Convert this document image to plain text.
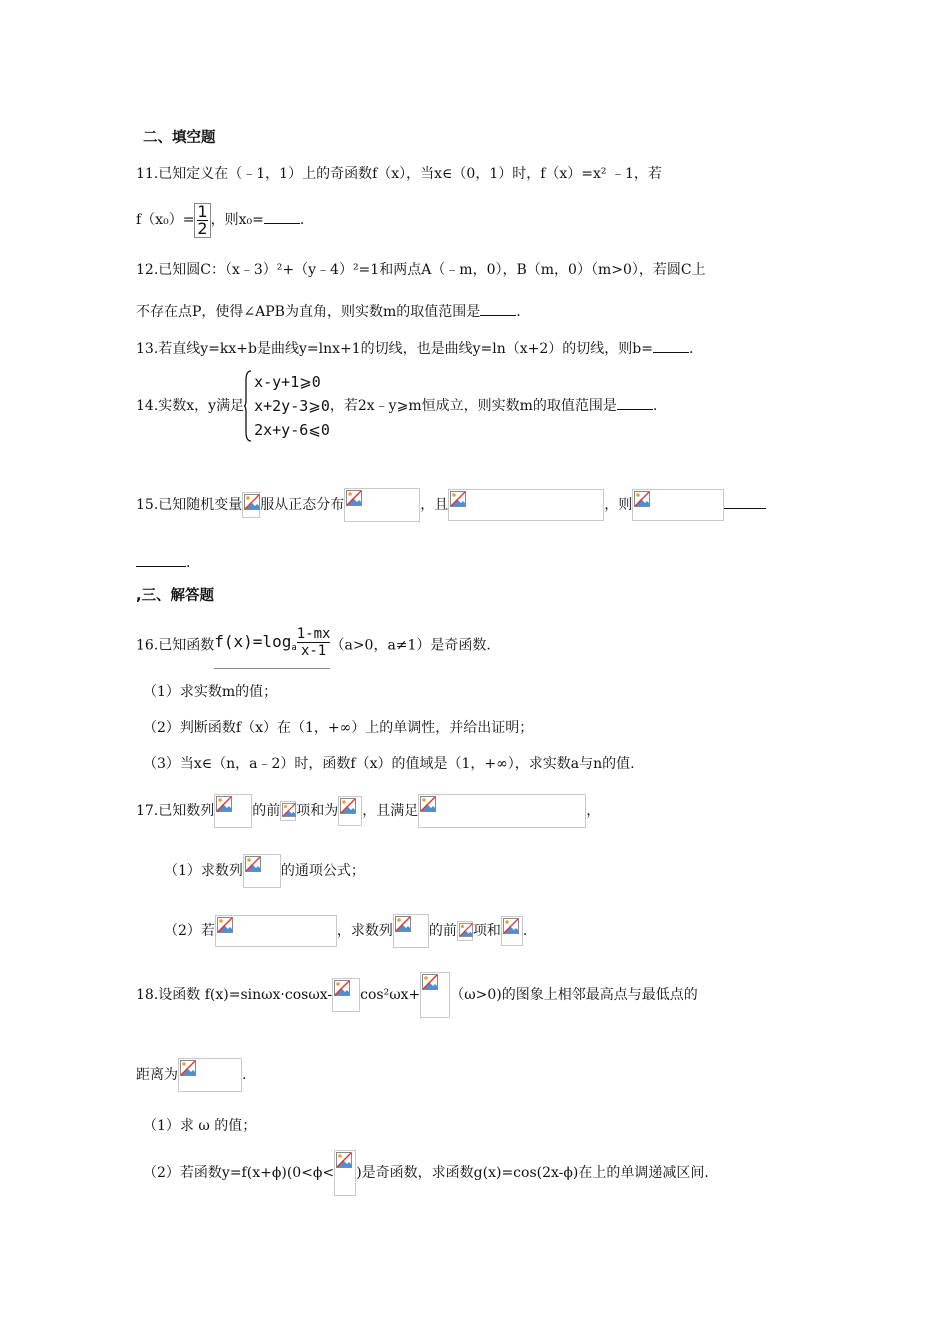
二、填空题
11.已知定义在（﹣1，1）上的奇函数f（x），当x∈（0，1）时，f（x）=x² ﹣1，若
$f(x_0)= \frac{1}{2}$，则x₀=	.
12.已知圆C：（x﹣3）²+（y﹣4）²=1和两点A（﹣m，0），B（m，0）（m>0），若圆C上
不存在点P，使得∠APB为直角，则实数m的取值范围是	.
13.若直线y=kx+b是曲线y=lnx+1的切线，也是曲线y=ln（x+2）的切线，则b=	.
14.实数x，y满足
x-y+1⩾0
x+2y-3⩾0
2x+y-6⩽0
，若2x﹣y⩾m恒成立，则实数m的取值范围是	.
15.已知随机变量 服从正态分布	，且	，则
.
,三、解答题
16.已知函数$f(x)=\log_a \frac{1-mx}{x-1}(a>0$，a≠1）是奇函数.
（1）求实数m的值；
（2）判断函数f（x）在（1，+∞）上的单调性，并给出证明；
（3）当x∈（n，a﹣2）时，函数f（x）的值域是（1，+∞），求实数a与n的值.
17.已知数列	的前 项和为 ，且满足	，
（1）求数列	的通项公式；
（2）若	，求数列	的前 项和 .
18.设函数 f(x)=sinωx·cosωx- cos²ωx+ （ω>0)的图象上相邻最高点与最低点的
距离为	.
（1）求 ω 的值；
（2）若函数y=f(x+ϕ)(0<ϕ< )是奇函数，求函数g(x)=cos(2x-ϕ)在上的单调递减区间.
